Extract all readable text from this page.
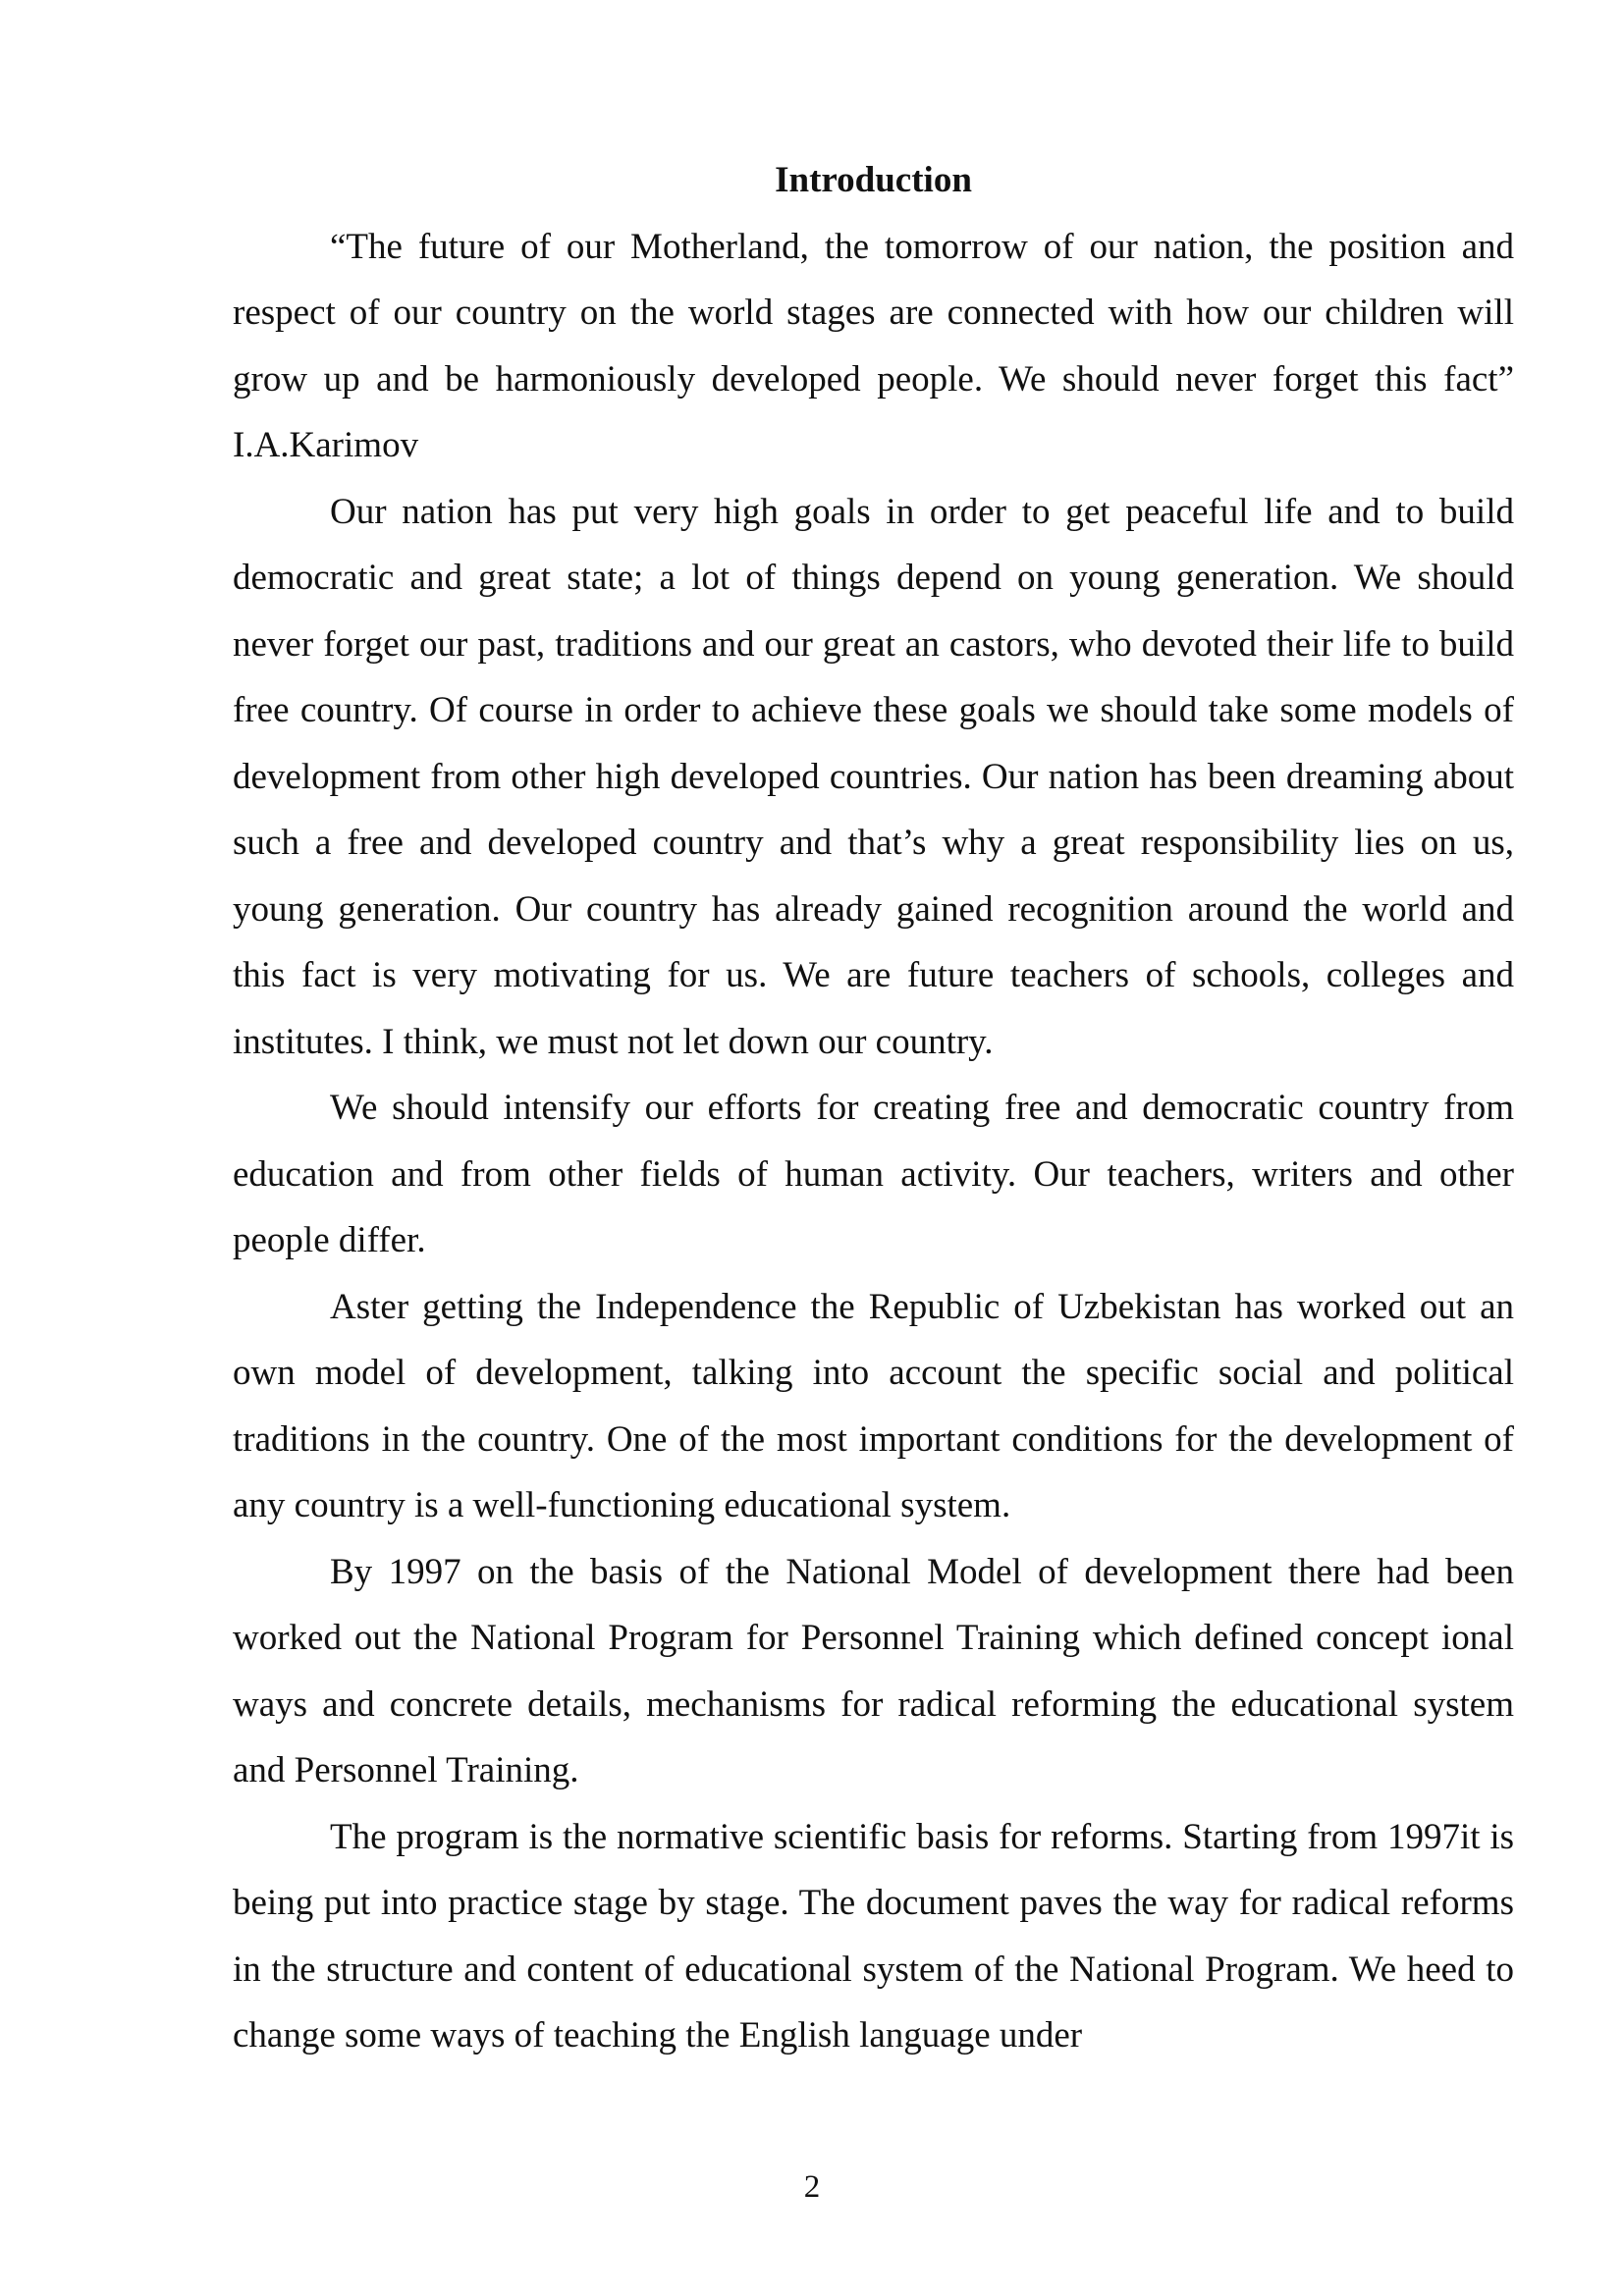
Introduction

“The future of our Motherland, the tomorrow of our nation, the position and respect of our country on the world stages are connected with how our children will grow up and be harmoniously developed people. We should never forget this fact” I.A.Karimov

Our nation has put very high goals in order to get peaceful life and to build democratic and great state; a lot of things depend on young generation. We should never forget our past, traditions and our great an castors, who devoted their life to build free country. Of course in order to achieve these goals we should take some models of development from other high developed countries. Our nation has been dreaming about such a free and developed country and that’s why a great responsibility lies on us, young generation. Our country has already gained recognition around the world and this fact is very motivating for us. We are future teachers of schools, colleges and institutes. I think, we must not let down our country.

We should intensify our efforts for creating free and democratic country from education and from other fields of human activity. Our teachers, writers and other people differ.

Aster getting the Independence the Republic of Uzbekistan has worked out an own model of development, talking into account the specific social and political traditions in the country. One of the most important conditions for the development of any country is a well-functioning educational system.

By 1997 on the basis of the National Model of development there had been worked out the National Program for Personnel Training which defined concept ional ways and concrete details, mechanisms for radical reforming the educational system and Personnel Training.

The program is the normative scientific basis for reforms. Starting from 1997it is being put into practice stage by stage. The document paves the way for radical reforms in the structure and content of educational system of the National Program. We heed to change some ways of teaching the English language under

2
